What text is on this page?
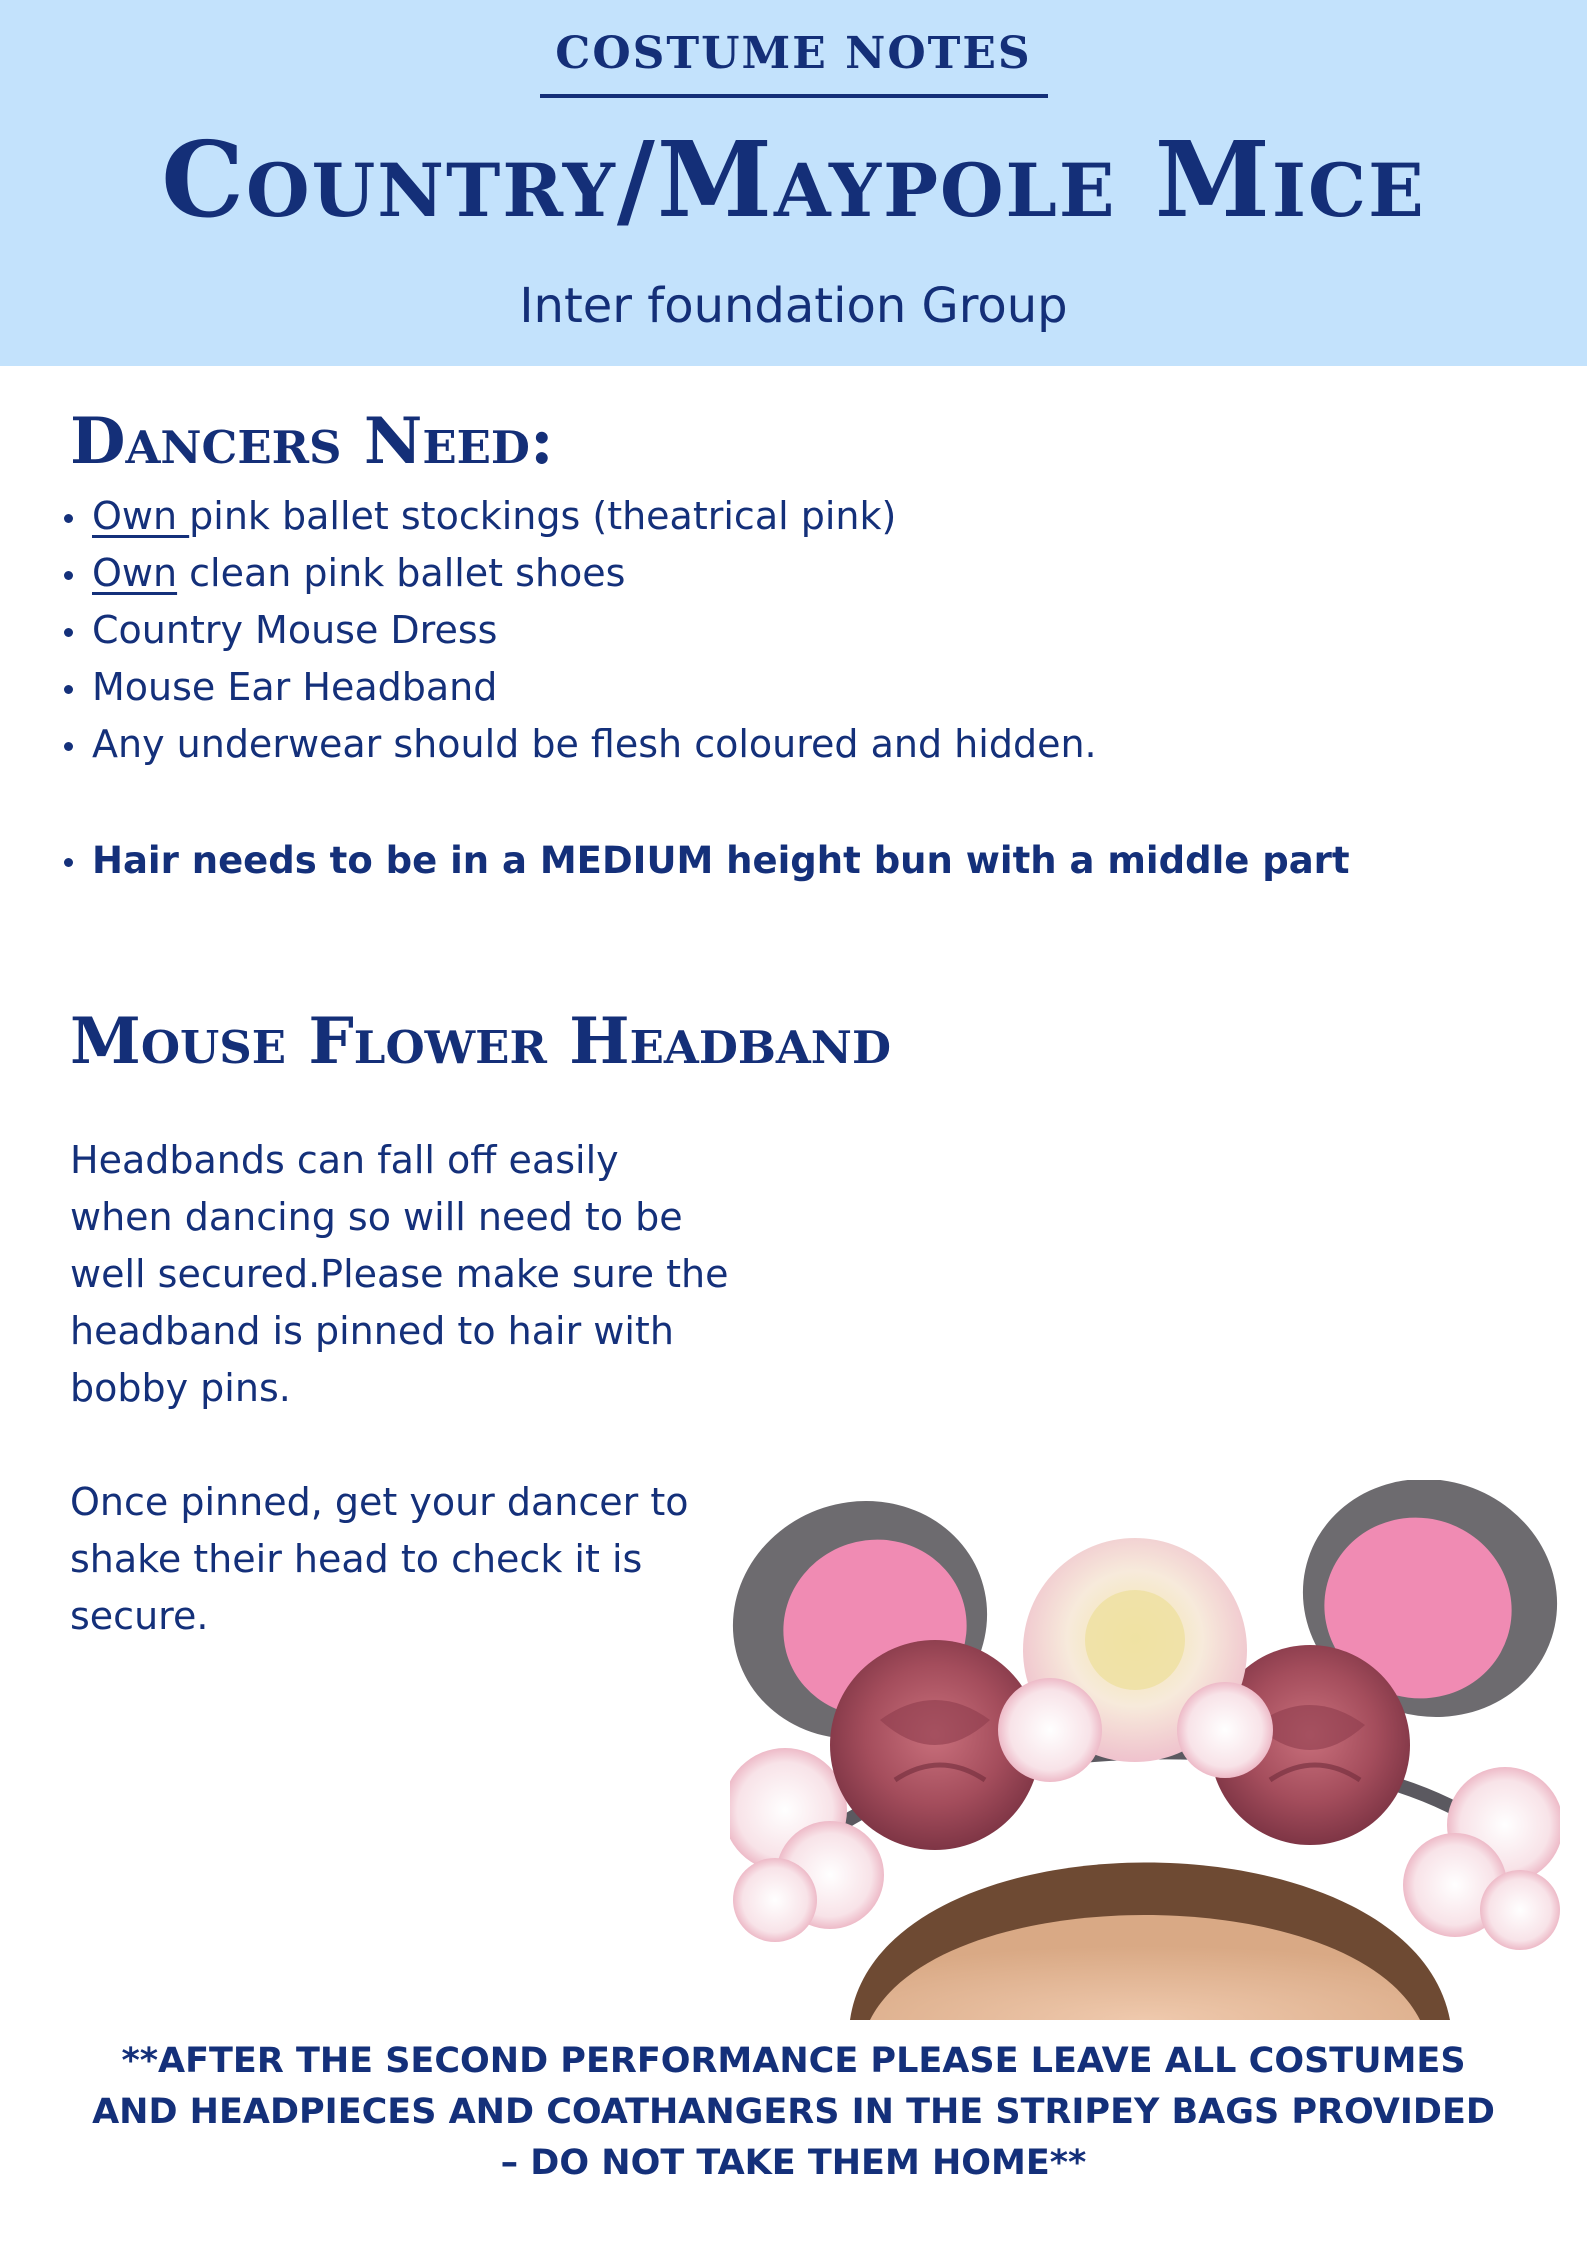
COSTUME NOTES
Country/Maypole Mice
Inter foundation Group
Dancers Need:
Own pink ballet stockings (theatrical pink)
Own clean pink ballet shoes
Country Mouse Dress
Mouse Ear Headband
Any underwear should be flesh coloured and hidden.
Hair needs to be in a MEDIUM height bun with a middle part
Mouse Flower Headband
Headbands can fall off easily when dancing so will need to be well secured.Please make sure the headband is pinned to hair with bobby pins.
Once pinned, get your dancer to shake their head to check it is secure.
**AFTER THE SECOND PERFORMANCE PLEASE LEAVE ALL COSTUMES AND HEADPIECES AND COATHANGERS IN THE STRIPEY BAGS PROVIDED – DO NOT TAKE THEM HOME**
